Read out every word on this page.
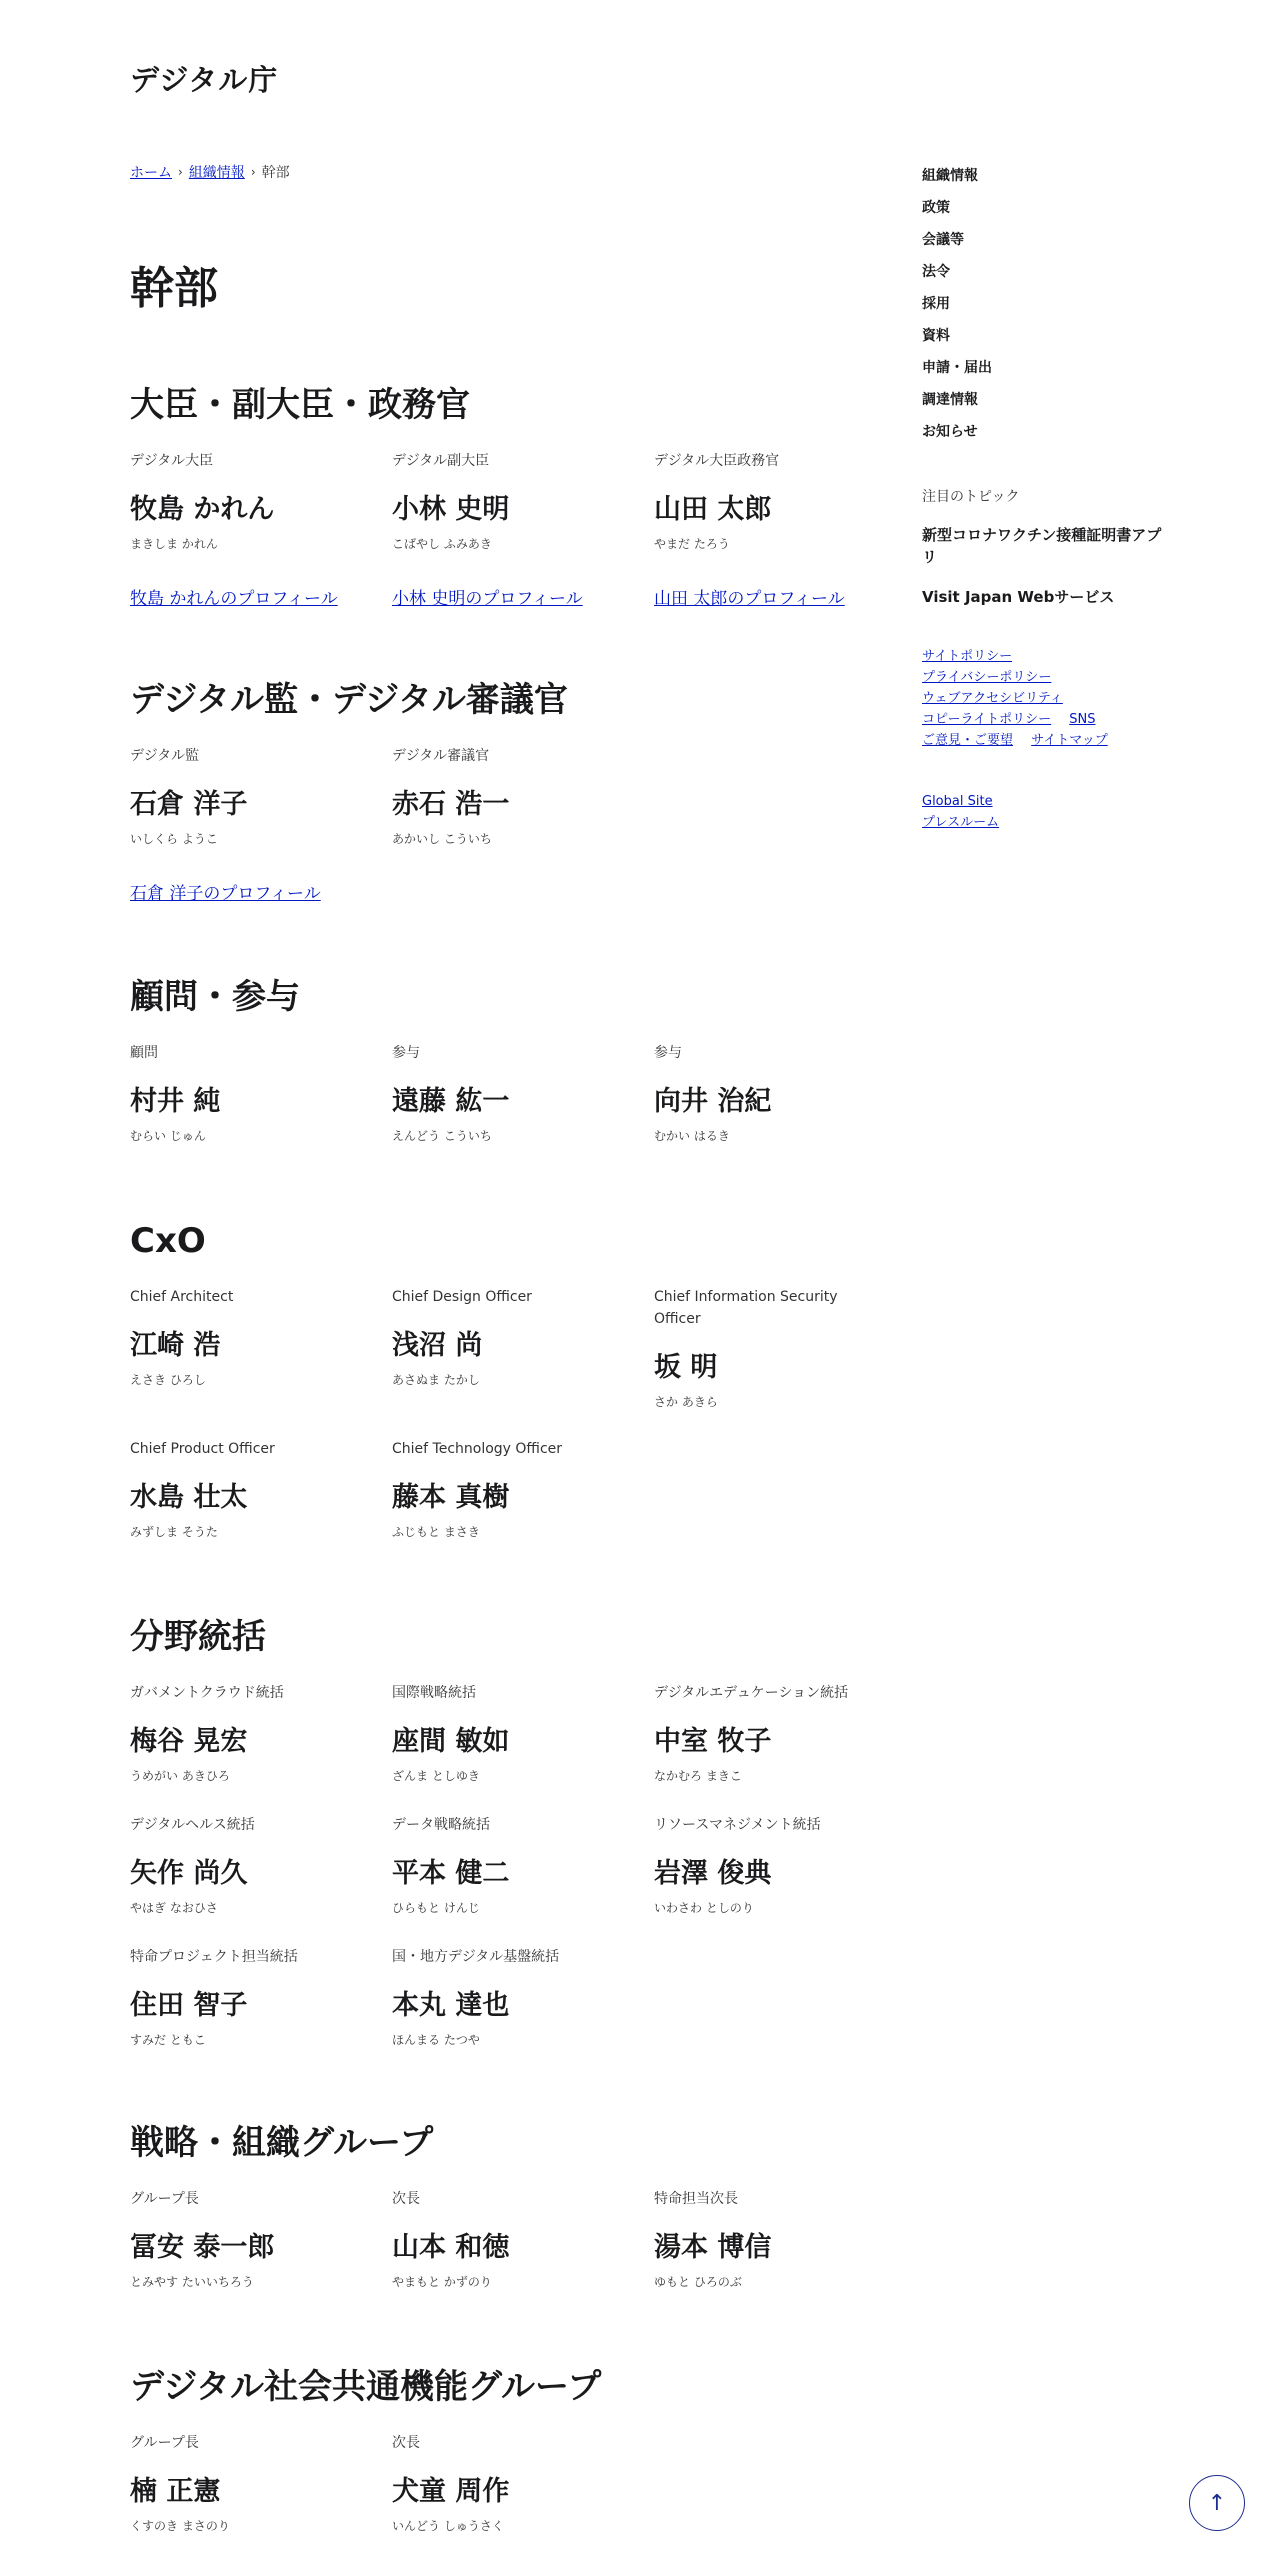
デジタル庁
ホーム › 組織情報 › 幹部
幹部
大臣・副大臣・政務官
デジタル大臣
牧島 かれん
まきしま かれん
牧島 かれんのプロフィール
デジタル副大臣
小林 史明
こばやし ふみあき
小林 史明のプロフィール
デジタル大臣政務官
山田 太郎
やまだ たろう
山田 太郎のプロフィール
デジタル監・デジタル審議官
デジタル監
石倉 洋子
いしくら ようこ
石倉 洋子のプロフィール
デジタル審議官
赤石 浩一
あかいし こういち
顧問・参与
顧問
村井 純
むらい じゅん
参与
遠藤 紘一
えんどう こういち
参与
向井 治紀
むかい はるき
CxO
Chief Architect
江崎 浩
えさき ひろし
Chief Design Officer
浅沼 尚
あさぬま たかし
Chief Information Security Officer
坂 明
さか あきら
Chief Product Officer
水島 壮太
みずしま そうた
Chief Technology Officer
藤本 真樹
ふじもと まさき
分野統括
ガバメントクラウド統括
梅谷 晃宏
うめがい あきひろ
国際戦略統括
座間 敏如
ざんま としゆき
デジタルエデュケーション統括
中室 牧子
なかむろ まきこ
デジタルヘルス統括
矢作 尚久
やはぎ なおひさ
データ戦略統括
平本 健二
ひらもと けんじ
リソースマネジメント統括
岩澤 俊典
いわさわ としのり
特命プロジェクト担当統括
住田 智子
すみだ ともこ
国・地方デジタル基盤統括
本丸 達也
ほんまる たつや
戦略・組織グループ
グループ長
冨安 泰一郎
とみやす たいいちろう
次長
山本 和徳
やまもと かずのり
特命担当次長
湯本 博信
ゆもと ひろのぶ
デジタル社会共通機能グループ
グループ長
楠 正憲
くすのき まさのり
次長
犬童 周作
いんどう しゅうさく
組織情報
政策
会議等
法令
採用
資料
申請・届出
調達情報
お知らせ
注目のトピック
新型コロナワクチン接種証明書アプリ
Visit Japan Webサービス
サイトポリシー
プライバシーポリシー
ウェブアクセシビリティ
コピーライトポリシー SNS
ご意見・ご要望 サイトマップ
Global Site
プレスルーム
↑
